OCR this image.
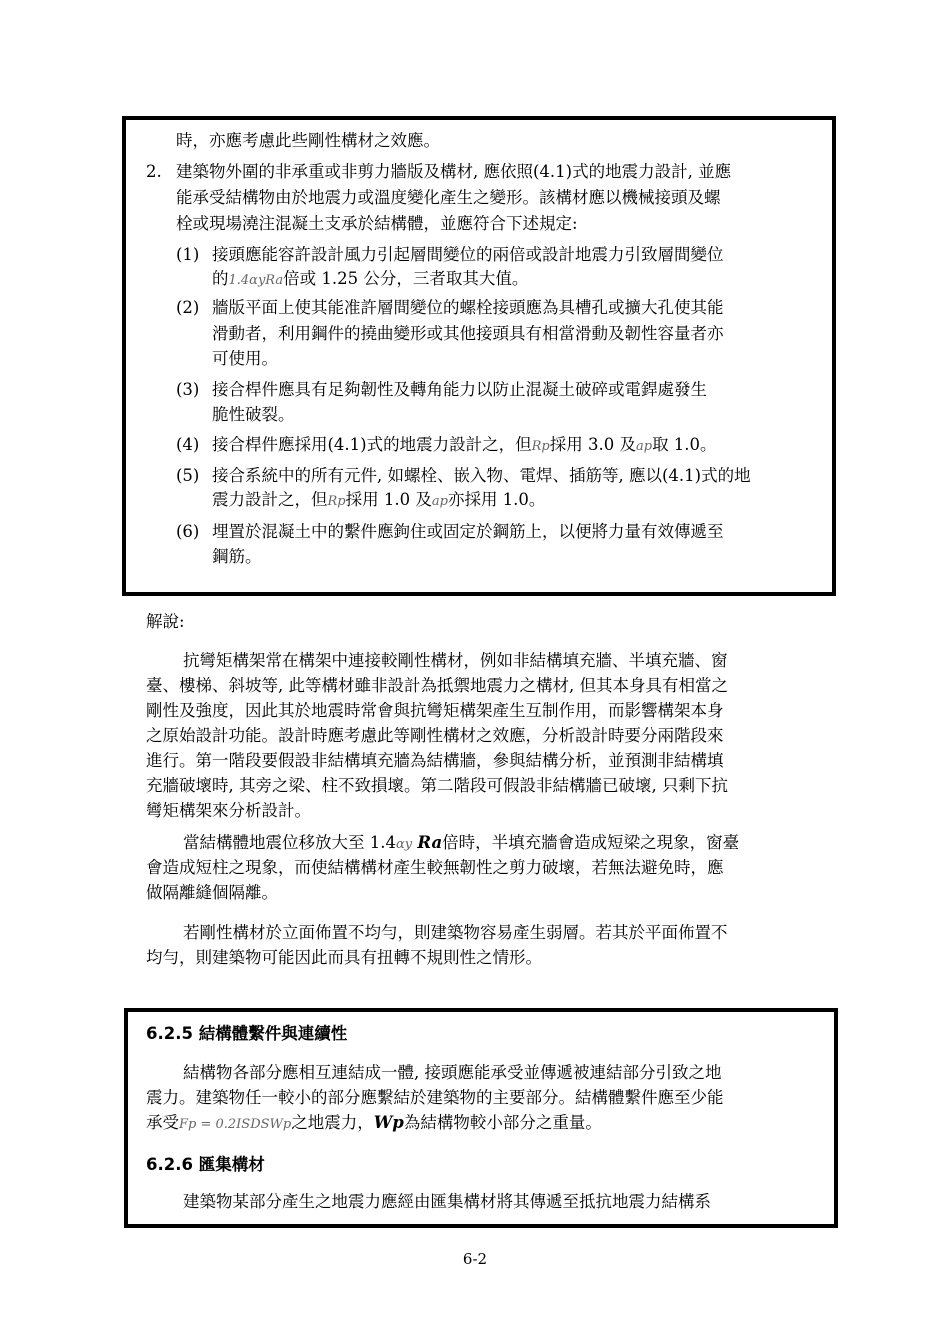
時，亦應考慮此些剛性構材之效應。
2. 建築物外圍的非承重或非剪力牆版及構材, 應依照(4.1)式的地震力設計, 並應
能承受結構物由於地震力或溫度變化產生之變形。該構材應以機械接頭及螺
栓或現場澆注混凝土支承於結構體，並應符合下述規定:
(1) 接頭應能容許設計風力引起層間變位的兩倍或設計地震力引致層間變位
的1.4αyRa倍或 1.25 公分，三者取其大值。
(2) 牆版平面上使其能准許層間變位的螺栓接頭應為具槽孔或擴大孔使其能
滑動者，利用鋼件的撓曲變形或其他接頭具有相當滑動及韌性容量者亦
可使用。
(3) 接合桿件應具有足夠韌性及轉角能力以防止混凝土破碎或電銲處發生
脆性破裂。
(4) 接合桿件應採用(4.1)式的地震力設計之，但Rp採用 3.0 及ap取 1.0。
(5) 接合系統中的所有元件, 如螺栓、嵌入物、電焊、插筋等, 應以(4.1)式的地
震力設計之，但Rp採用 1.0 及ap亦採用 1.0。
(6) 埋置於混凝土中的繫件應鉤住或固定於鋼筋上，以便將力量有效傳遞至
鋼筋。
解說:
抗彎矩構架常在構架中連接較剛性構材，例如非結構填充牆、半填充牆、窗
臺、樓梯、斜坡等, 此等構材雖非設計為抵禦地震力之構材, 但其本身具有相當之
剛性及強度，因此其於地震時常會與抗彎矩構架產生互制作用，而影響構架本身
之原始設計功能。設計時應考慮此等剛性構材之效應，分析設計時要分兩階段來
進行。第一階段要假設非結構填充牆為結構牆，參與結構分析，並預測非結構填
充牆破壞時, 其旁之梁、柱不致損壞。第二階段可假設非結構牆已破壞, 只剩下抗
彎矩構架來分析設計。
當結構體地震位移放大至 1.4αy Ra倍時，半填充牆會造成短梁之現象，窗臺
會造成短柱之現象，而使結構構材產生較無韌性之剪力破壞，若無法避免時，應
做隔離縫個隔離。
若剛性構材於立面佈置不均勻，則建築物容易產生弱層。若其於平面佈置不
均勻，則建築物可能因此而具有扭轉不規則性之情形。
6.2.5 結構體繫件與連續性
結構物各部分應相互連結成一體, 接頭應能承受並傳遞被連結部分引致之地
震力。建築物任一較小的部分應繫結於建築物的主要部分。結構體繫件應至少能
承受Fp = 0.2ISDSWp之地震力，Wp為結構物較小部分之重量。
6.2.6 匯集構材
建築物某部分產生之地震力應經由匯集構材將其傳遞至抵抗地震力結構系
6-2
